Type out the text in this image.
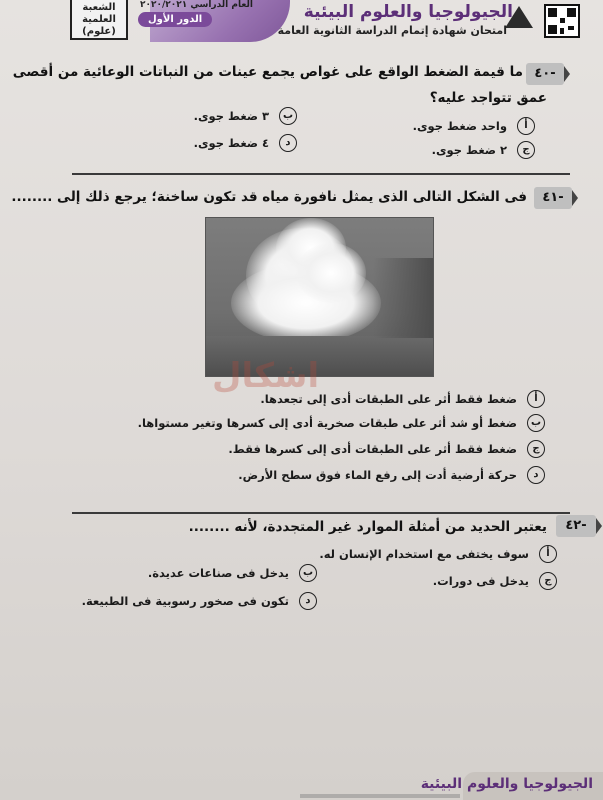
الجيولوجيا والعلوم البيئية
امتحان شهادة إتمام الدراسة الثانوية العامة
العام الدراسي ٢٠٢٠/٢٠٢١
الدور الأول
الشعبة
العلمية
(علوم)
-٤٠
ما قيمة الضغط الواقع على غواص يجمع عينات من النباتات الوعائية من أقصى
عمق تتواجد عليه؟
أ
واحد ضغط جوى.
ب
٣ ضغط جوى.
ج
٢ ضغط جوى.
د
٤ ضغط جوى.
-٤١
فى الشكل التالى الذى يمثل نافورة مياه قد تكون ساخنة؛ يرجع ذلك إلى ........
اشكال
أ
ضغط فقط أثر على الطبقات أدى إلى تجعدها.
ب
ضغط أو شد أثر على طبقات صخرية أدى إلى كسرها وتغير مستواها.
ج
ضغط فقط أثر على الطبقات أدى إلى كسرها فقط.
د
حركة أرضية أدت إلى رفع الماء فوق سطح الأرض.
-٤٢
يعتبر الحديد من أمثلة الموارد غير المتجددة، لأنه ........
أ
سوف يختفى مع استخدام الإنسان له.
ب
يدخل فى صناعات عديدة.
ج
يدخل فى دورات.
د
تكون فى صخور رسوبية فى الطبيعة.
الجيولوجيا والعلوم البيئية
